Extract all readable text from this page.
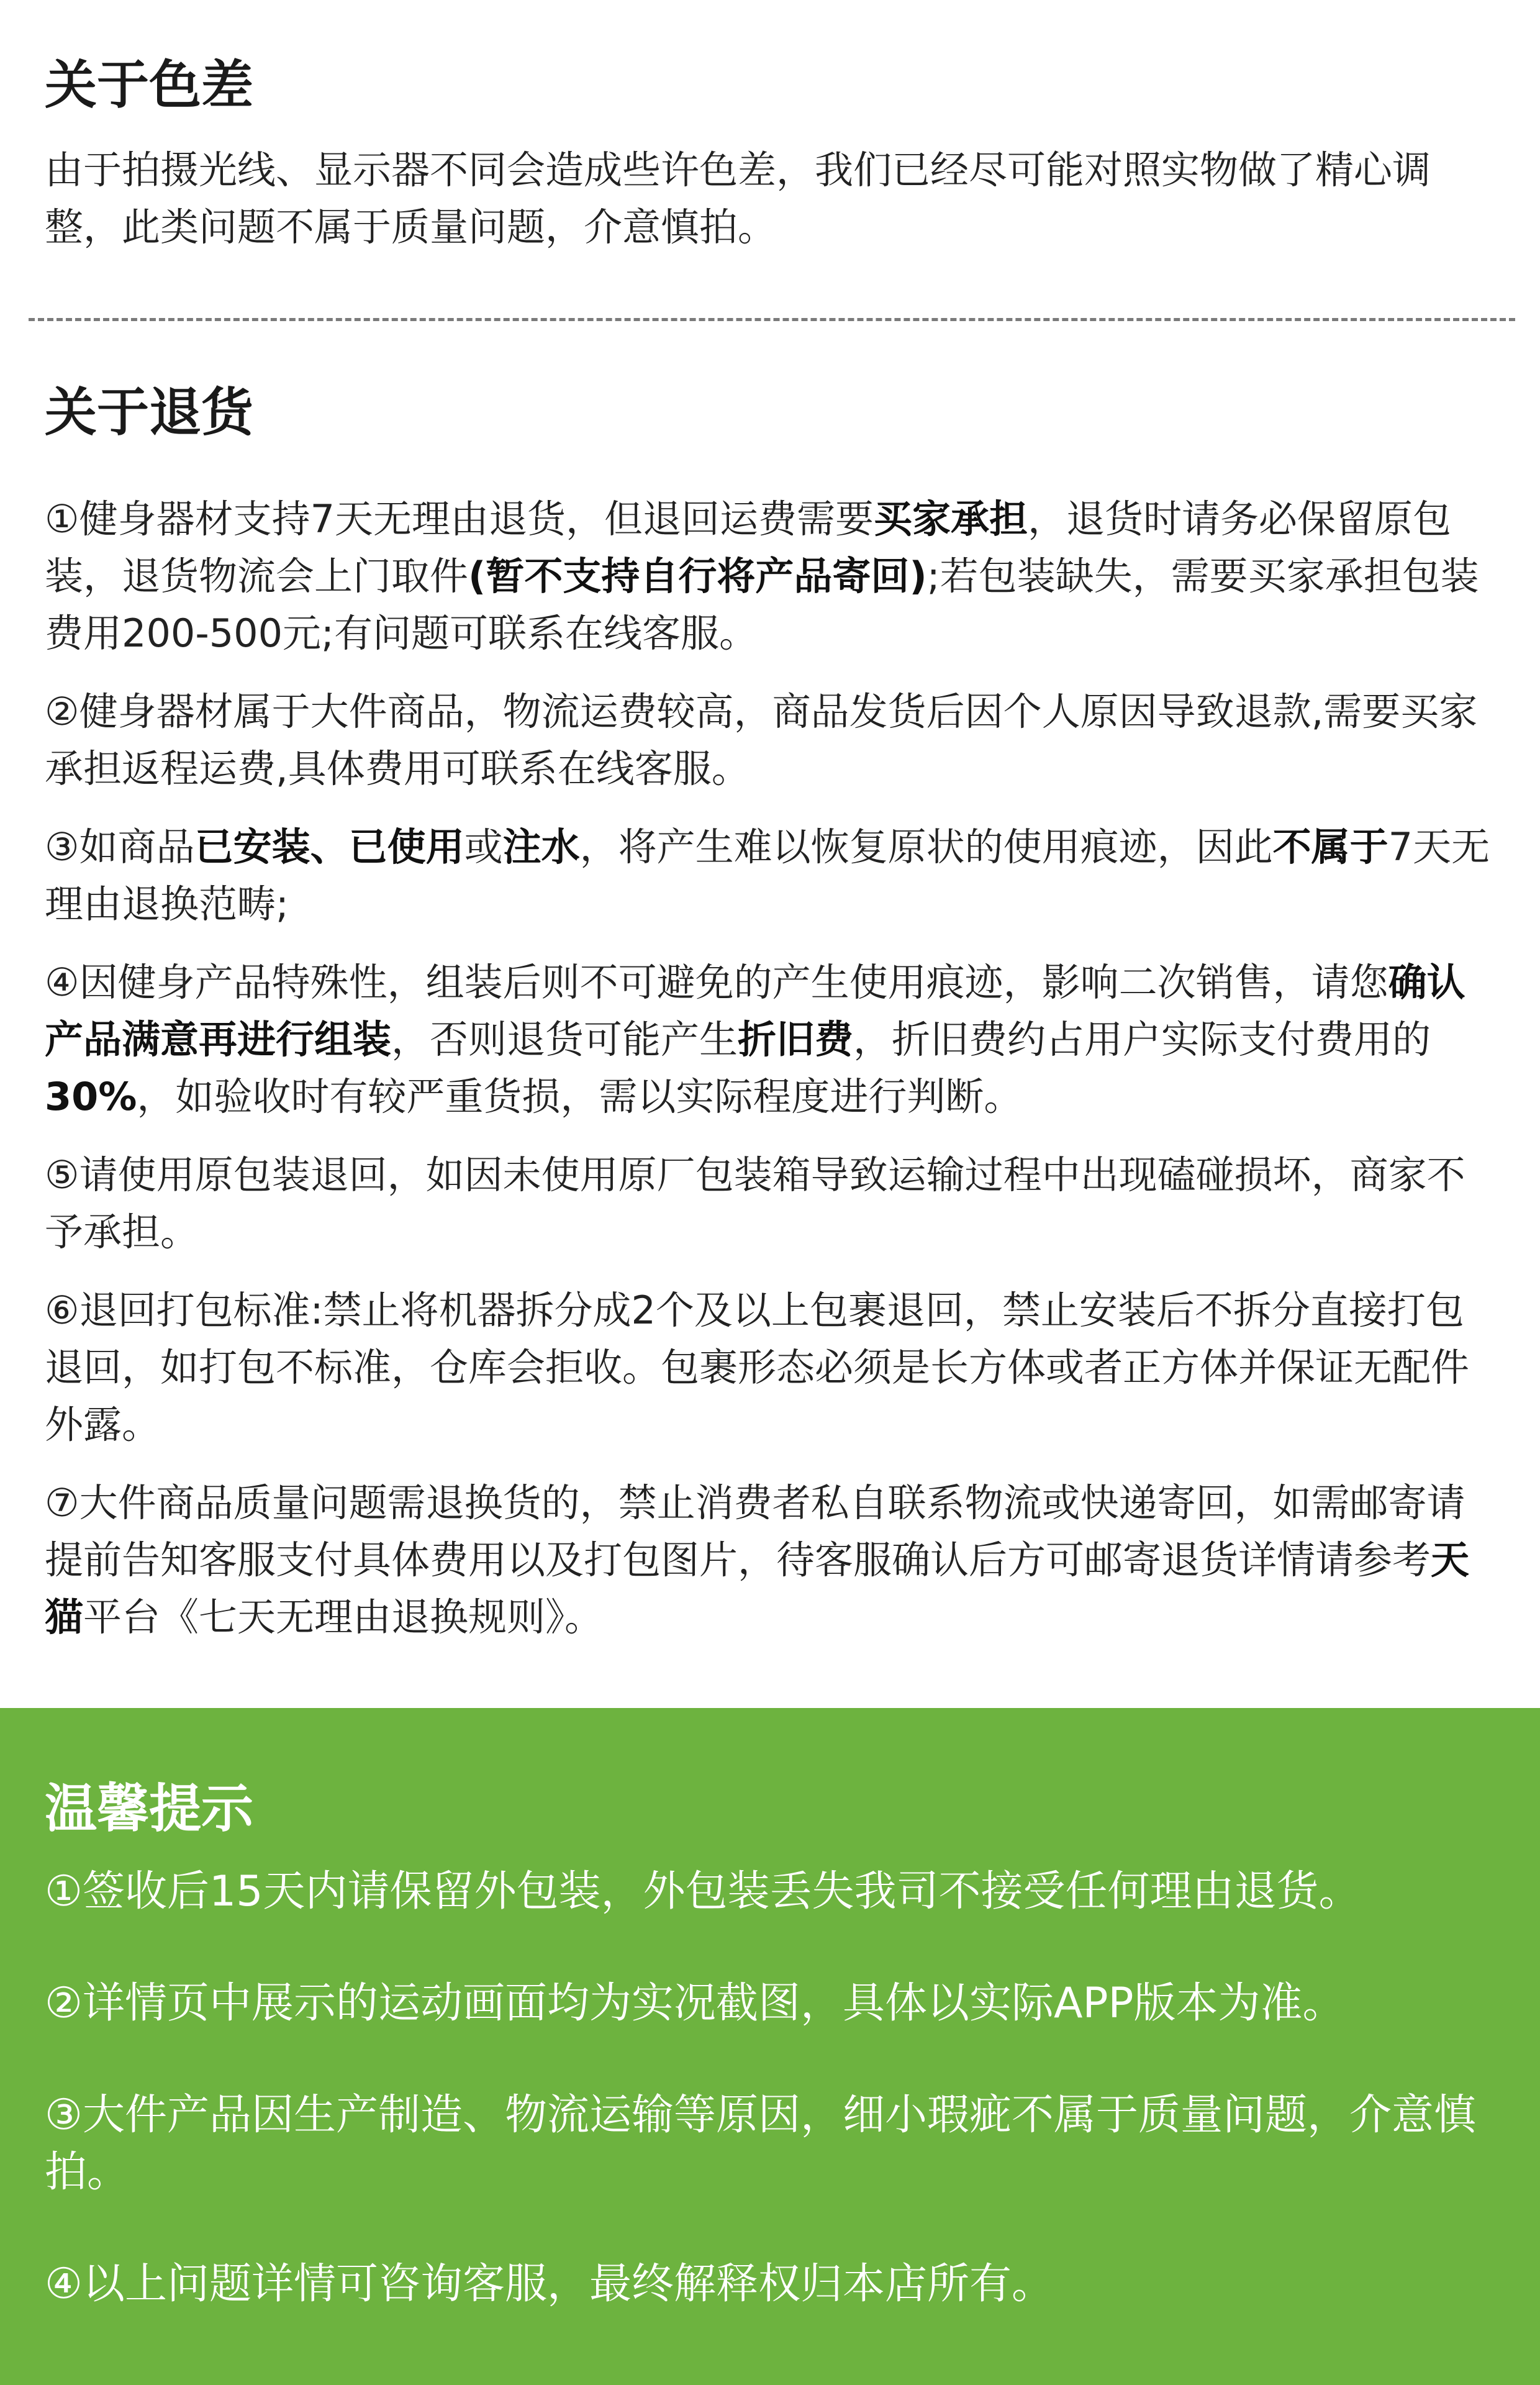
关于色差

由于拍摄光线、显示器不同会造成些许色差，我们已经尽可能对照实物做了精心调整，此类问题不属于质量问题，介意慎拍。

关于退货

①健身器材支持7天无理由退货，但退回运费需要买家承担，退货时请务必保留原包装，退货物流会上门取件(暂不支持自行将产品寄回);若包装缺失，需要买家承担包装费用200-500元;有问题可联系在线客服。

②健身器材属于大件商品，物流运费较高，商品发货后因个人原因导致退款,需要买家承担返程运费,具体费用可联系在线客服。

③如商品已安装、已使用或注水，将产生难以恢复原状的使用痕迹，因此不属于7天无理由退换范畴;

④因健身产品特殊性，组装后则不可避免的产生使用痕迹，影响二次销售，请您确认产品满意再进行组装，否则退货可能产生折旧费，折旧费约占用户实际支付费用的30%，如验收时有较严重货损，需以实际程度进行判断。

⑤请使用原包装退回，如因未使用原厂包装箱导致运输过程中出现磕碰损坏，商家不予承担。

⑥退回打包标准:禁止将机器拆分成2个及以上包裹退回，禁止安装后不拆分直接打包退回，如打包不标准，仓库会拒收。包裹形态必须是长方体或者正方体并保证无配件外露。

⑦大件商品质量问题需退换货的，禁止消费者私自联系物流或快递寄回，如需邮寄请提前告知客服支付具体费用以及打包图片，待客服确认后方可邮寄退货详情请参考天猫平台《七天无理由退换规则》。

温馨提示

①签收后15天内请保留外包装，外包装丢失我司不接受任何理由退货。

②详情页中展示的运动画面均为实况截图，具体以实际APP版本为准。

③大件产品因生产制造、物流运输等原因，细小瑕疵不属于质量问题，介意慎拍。

④以上问题详情可咨询客服，最终解释权归本店所有。
